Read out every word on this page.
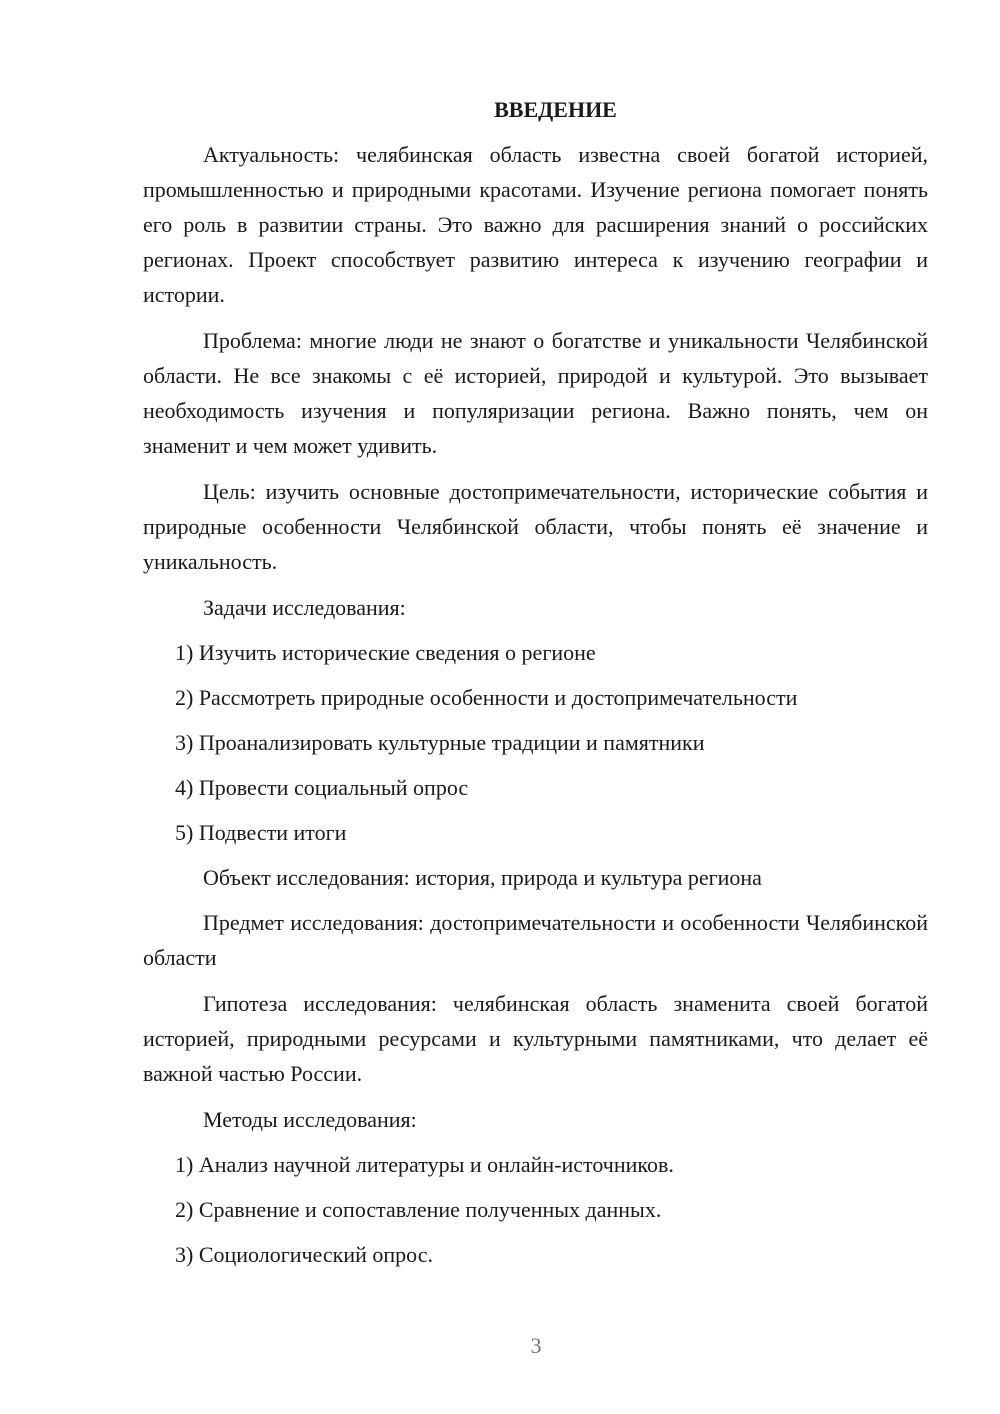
ВВЕДЕНИЕ

Актуальность: челябинская область известна своей богатой историей, промышленностью и природными красотами. Изучение региона помогает понять его роль в развитии страны. Это важно для расширения знаний о российских регионах. Проект способствует развитию интереса к изучению географии и истории.

Проблема: многие люди не знают о богатстве и уникальности Челябинской области. Не все знакомы с её историей, природой и культурой. Это вызывает необходимость изучения и популяризации региона. Важно понять, чем он знаменит и чем может удивить.

Цель: изучить основные достопримечательности, исторические события и природные особенности Челябинской области, чтобы понять её значение и уникальность.

Задачи исследования:

1) Изучить исторические сведения о регионе
2) Рассмотреть природные особенности и достопримечательности
3) Проанализировать культурные традиции и памятники
4) Провести социальный опрос
5) Подвести итоги

Объект исследования: история, природа и культура региона

Предмет исследования: достопримечательности и особенности Челябинской области

Гипотеза исследования: челябинская область знаменита своей богатой историей, природными ресурсами и культурными памятниками, что делает её важной частью России.

Методы исследования:

1) Анализ научной литературы и онлайн-источников.
2) Сравнение и сопоставление полученных данных.
3) Социологический опрос.
3
